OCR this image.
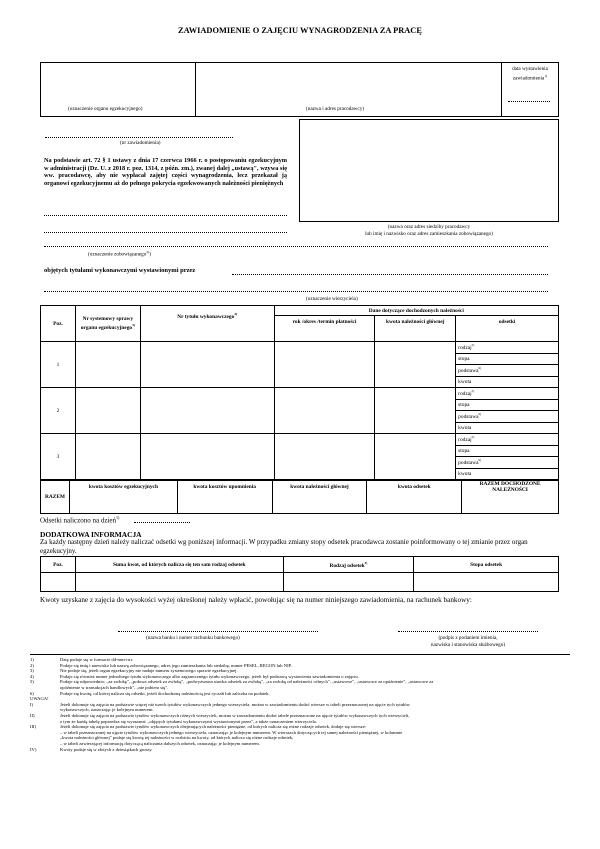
ZAWIADOMIENIE O ZAJĘCIU WYNAGRODZENIA ZA PRACĘ
(oznaczenie organu egzekucyjnego)	(nazwa i adres pracodawcy)
data wystawienia
zawiadomienia$^{1)}$
(nr zawiadomienia)
Na podstawie art. 72 § 1 ustawy z dnia 17 czerwca 1966 r. o postępowaniu egzekucyjnym w administracji (Dz. U. z 2018 r. poz. 1314, z późn. zm.), zwanej dalej „ustawą", wzywa się ww. pracodawcę, aby nie wypłacał zajętej części wynagrodzenia, lecz przekazał ją organowi egzekucyjnemu aż do pełnego pokrycia egzekwowanych należności pieniężnych
(nazwa oraz adres siedziby pracodawcy
lub imię i nazwisko oraz adres zamieszkania zobowiązanego)
(oznaczenie zobowiązanego$^{2)}$)
objętych tytułami wykonawczymi wystawionymi przez
(oznaczenie wierzyciela)
Poz.	Nr systemowy sprawy organu egzekucyjnego$^{3)}$	Nr tytułu wykonawczego$^{4)}$	Dane dotyczące dochodzonych należności		
			rok /okres /termin płatności	kwota należności głównej	odsetki
1					rodzaj$^{5)}$
					stopa
					podstawa$^{6)}$
					kwota
2					rodzaj$^{5)}$
					stopa
					podstawa$^{6)}$
					kwota
3					rodzaj$^{5)}$
					stopa
					podstawa$^{6)}$
					kwota
RAZEM	kwota kosztów egzekucyjnych	kwota kosztów upomnienia	kwota należności głównej	kwota odsetek	RAZEM DOCHODZONE NALEŻNOŚCI

Odsetki naliczono na dzień$^{1)}$
DODATKOWA INFORMACJA
Za każdy następny dzień należy naliczać odsetki wg poniższej informacji. W przypadku zmiany stopy odsetek pracodawca zostanie poinformowany o tej zmianie przez organ egzekucyjny.
Poz.	Suma kwot, od których nalicza się ten sam rodzaj odsetek	Rodzaj odsetek$^{5)}$	Stopa odsetek

Kwoty uzyskane z zajęcia do wysokości wyżej określonej należy wpłacić, powołując się na numer niniejszego zawiadomienia, na rachunek bankowy:
(nazwa banku i numer rachunku bankowego)	(podpis z podaniem imienia,
nazwiska i stanowiska służbowego)
1)	Datę podaje się w formacie dd-mm-rrrr.
2)	Podaje się imię i nazwisko lub nazwę zobowiązanego, adres jego zamieszkania lub siedzibę, numer PESEL, REGON lub NIP.
3)	Nie podaje się, jeżeli organ egzekucyjny nie nadaje numeru systemowego sprawie egzekucyjnej.
4)	Podaje się również numer jednolitego tytułu wykonawczego albo zagranicznego tytułu wykonawczego, jeżeli był podstawą wystawienia zawiadomienia o zajęciu.
5)	Podaje się odpowiednio: „za zwłokę", „połowa odsetek za zwłokę", „podwyższona stawka odsetek za zwłokę", „za zwłokę od należności celnych", „ustawowe", „ustawowe za opóźnienie", „ustawowe za
opóźnienie w transakcjach handlowych", „nie pobiera się".
6)	Podaje się kwotę, od której nalicza się odsetki, jeżeli dochodzoną należnością jest ryczałt lub zaliczka na podatek.
UWAGA!
I)	Jeżeli dokonuje się zajęcia na podstawie więcej niż trzech tytułów wykonawczych jednego wierzyciela, można w zawiadomieniu dodać wiersze w tabeli przeznaczonej na ujęcie tych tytułów
wykonawczych, oznaczając je kolejnym numerem.
II)	Jeżeli dokonuje się zajęcia na podstawie tytułów wykonawczych różnych wierzycieli, można w zawiadomieniu dodać tabele przeznaczone na ujęcie tytułów wykonawczych tych wierzycieli,
z tym że każdą tabelę poprzedza się wyrazami: „objętych tytułami wykonawczymi wystawionymi przez", a także oznaczeniem wierzyciela.
III)	Jeżeli dokonuje się zajęcia na podstawie tytułów wykonawczych obejmujących należności pieniężne, od których nalicza się różne rodzaje odsetek, dodaje się wiersze:
– w tabeli przeznaczonej na ujęcie tytułów wykonawczych jednego wierzyciela, oznaczając je kolejnym numerem. W wierszach dotyczących tej samej należności pieniężnej, w kolumnie
„kwota należności głównej" podaje się kwotę tej należności w rozbiciu na kwoty, od których nalicza się różne rodzaje odsetek,
– w tabeli zawierającej informację dotyczącą naliczania dalszych odsetek, oznaczając je kolejnym numerem.
IV)	Kwoty podaje się w złotych z dziesiątkach groszy.
